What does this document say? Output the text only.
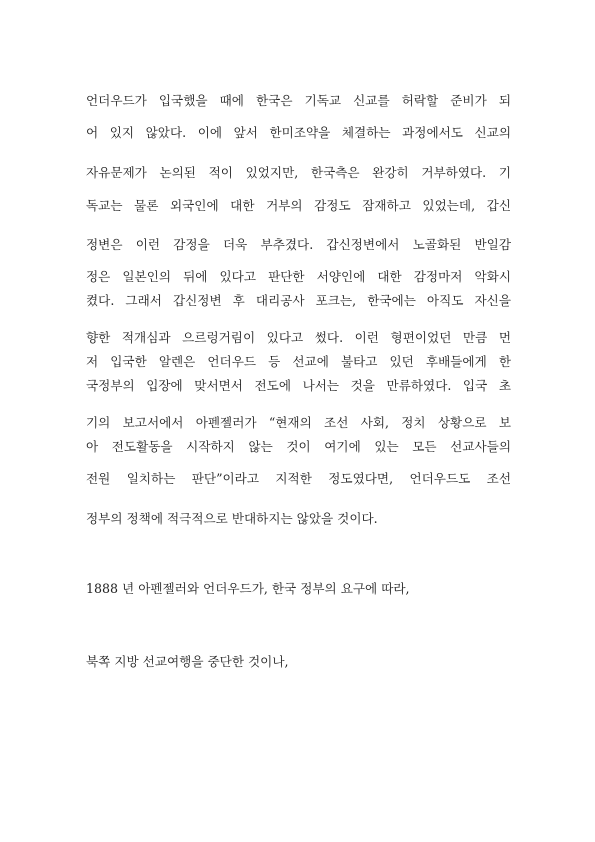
언더우드가 입국했을 때에 한국은 기독교 신교를 허락할 준비가 되

어 있지 않았다. 이에 앞서 한미조약을 체결하는 과정에서도 신교의

자유문제가 논의된 적이 있었지만, 한국측은 완강히 거부하였다. 기

독교는 물론 외국인에 대한 거부의 감정도 잠재하고 있었는데, 갑신

정변은 이런 감정을 더욱 부추겼다. 갑신정변에서 노골화된 반일감

정은 일본인의 뒤에 있다고 판단한 서양인에 대한 감정마저 악화시

켰다. 그래서 갑신정변 후 대리공사 포크는, 한국에는 아직도 자신을

향한 적개심과 으르렁거림이 있다고 썼다. 이런 형편이었던 만큼 먼

저 입국한 알렌은 언더우드 등 선교에 불타고 있던 후배들에게 한

국정부의 입장에 맞서면서 전도에 나서는 것을 만류하였다. 입국 초

기의 보고서에서 아펜젤러가 “현재의 조선 사회, 정치 상황으로 보

아 전도활동을 시작하지 않는 것이 여기에 있는 모든 선교사들의

전원 일치하는 판단”이라고 지적한 정도였다면, 언더우드도 조선

정부의 정책에 적극적으로 반대하지는 않았을 것이다.

1888 년 아펜젤러와 언더우드가, 한국 정부의 요구에 따라,

북쪽 지방 선교여행을 중단한 것이나,
